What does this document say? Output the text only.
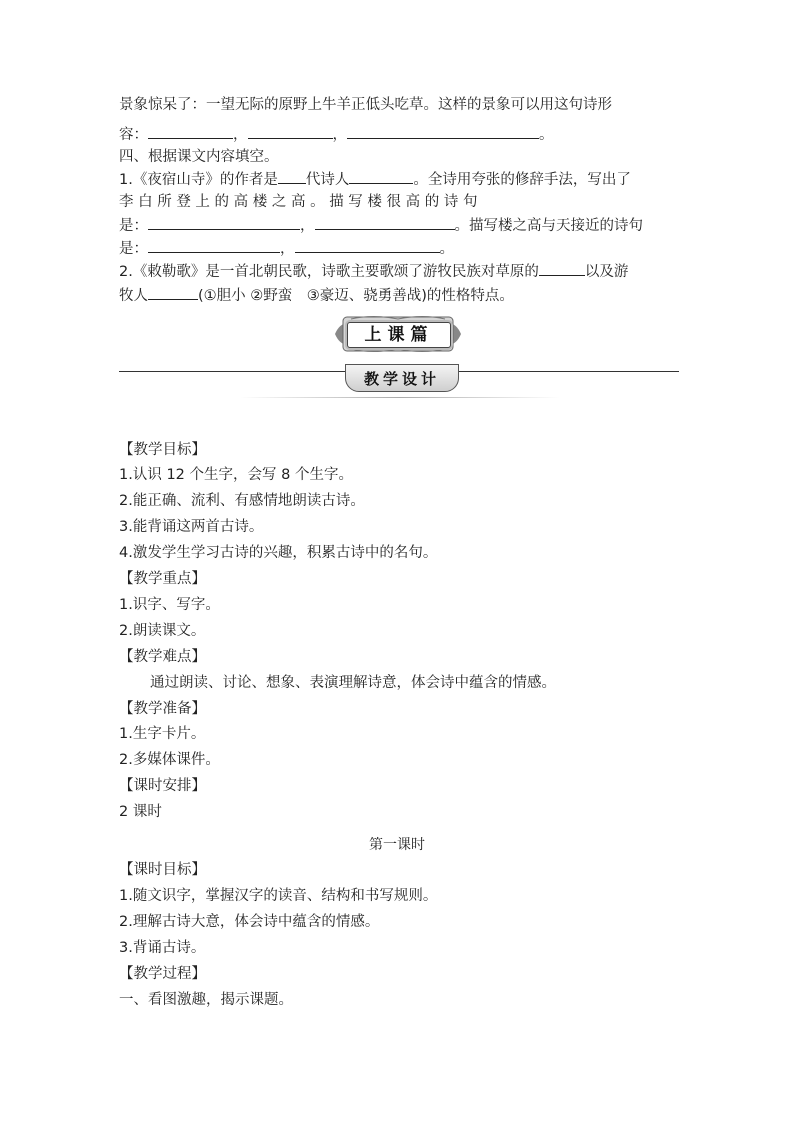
景象惊呆了：一望无际的原野上牛羊正低头吃草。这样的景象可以用这句诗形
容：	，	，	。
四、根据课文内容填空。
1.《夜宿山寺》的作者是 代诗人	。全诗用夸张的修辞手法，写出了
李 白 所 登 上 的 高 楼 之 高 。 描 写 楼 很 高 的 诗 句
是：	，	。描写楼之高与天接近的诗句
是：	，	。
2.《敕勒歌》是一首北朝民歌，诗歌主要歌颂了游牧民族对草原的	以及游
牧人	(①胆小 ②野蛮　③豪迈、骁勇善战)的性格特点。
上课篇
教学设计
【教学目标】
1.认识 12 个生字，会写 8 个生字。
2.能正确、流利、有感情地朗读古诗。
3.能背诵这两首古诗。
4.激发学生学习古诗的兴趣，积累古诗中的名句。
【教学重点】
1.识字、写字。
2.朗读课文。
【教学难点】
通过朗读、讨论、想象、表演理解诗意，体会诗中蕴含的情感。
【教学准备】
1.生字卡片。
2.多媒体课件。
【课时安排】
2 课时
第一课时
【课时目标】
1.随文识字，掌握汉字的读音、结构和书写规则。
2.理解古诗大意，体会诗中蕴含的情感。
3.背诵古诗。
【教学过程】
一、看图激趣，揭示课题。
